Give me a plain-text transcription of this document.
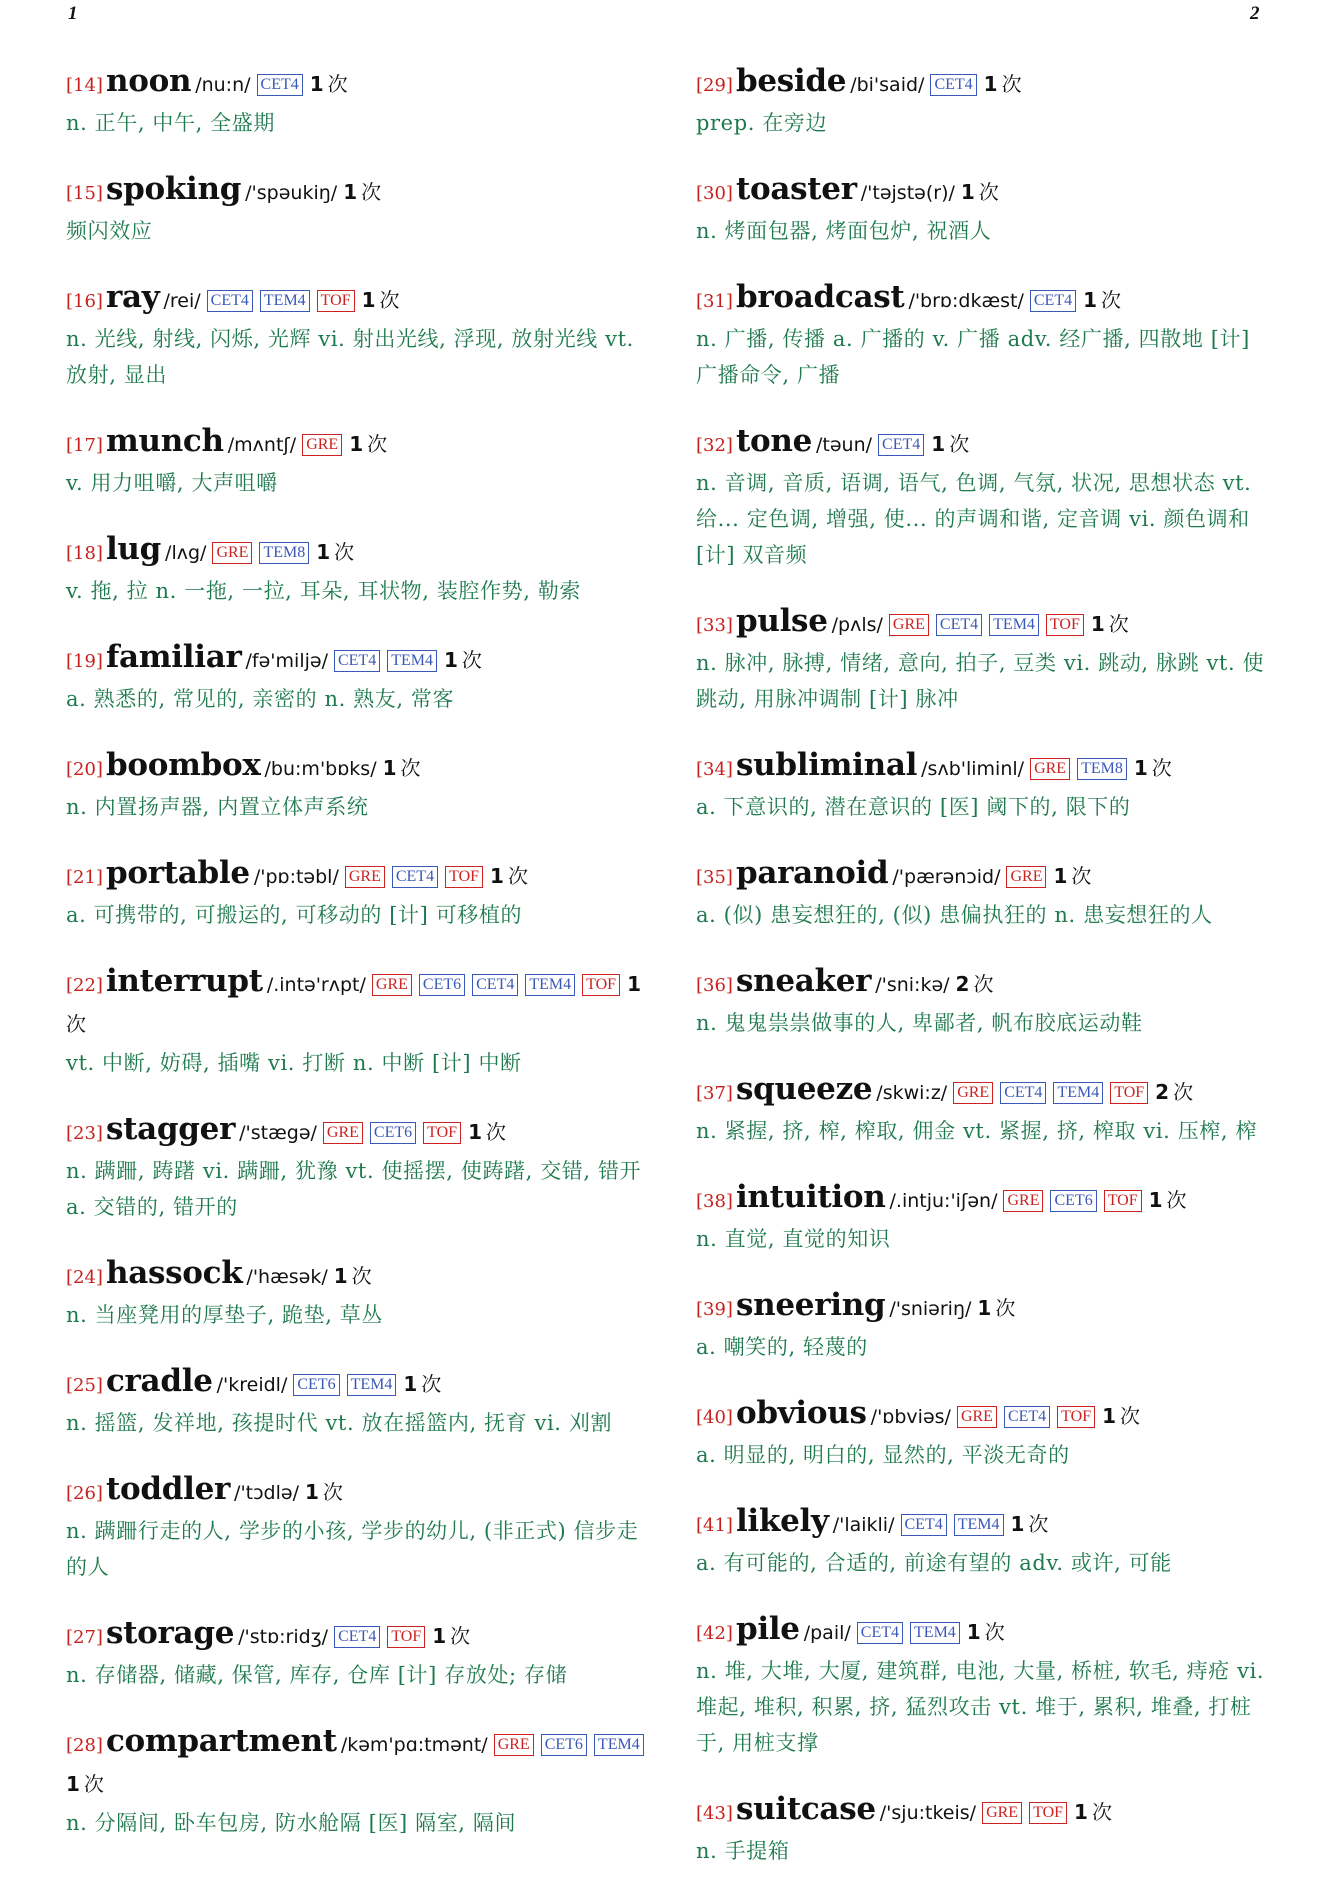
1	2
[14]noon /nu:n/ CET4 1 次
n. 正午, 中午, 全盛期
[15]spoking /'spəukiŋ/ 1 次
频闪效应
[16]ray /rei/ CET4 TEM4 TOF 1 次
n. 光线, 射线, 闪烁, 光辉 vi. 射出光线, 浮现, 放射光线 vt. 放射, 显出
[17]munch /mʌntʃ/ GRE 1 次
v. 用力咀嚼, 大声咀嚼
[18]lug /lʌg/ GRE TEM8 1 次
v. 拖, 拉 n. 一拖, 一拉, 耳朵, 耳状物, 装腔作势, 勒索
[19]familiar /fə'miljə/ CET4 TEM4 1 次
a. 熟悉的, 常见的, 亲密的 n. 熟友, 常客
[20]boombox /bu:m'bɒks/ 1 次
n. 内置扬声器, 内置立体声系统
[21]portable /'pɒ:təbl/ GRE CET4 TOF 1 次
a. 可携带的, 可搬运的, 可移动的 [计] 可移植的
[22]interrupt /.intə'rʌpt/ GRE CET6 CET4 TEM4 TOF 1次
vt. 中断, 妨碍, 插嘴 vi. 打断 n. 中断 [计] 中断
[23]stagger /'stægə/ GRE CET6 TOF 1 次
n. 蹒跚, 踌躇 vi. 蹒跚, 犹豫 vt. 使摇摆, 使踌躇, 交错, 错开 a. 交错的, 错开的
[24]hassock /'hæsək/ 1 次
n. 当座凳用的厚垫子, 跪垫, 草丛
[25]cradle /'kreidl/ CET6 TEM4 1 次
n. 摇篮, 发祥地, 孩提时代 vt. 放在摇篮内, 抚育 vi. 刈割
[26]toddler /'tɔdlə/ 1 次
n. 蹒跚行走的人, 学步的小孩, 学步的幼儿, (非正式) 信步走的人
[27]storage /'stɒ:ridʒ/ CET4 TOF 1 次
n. 存储器, 储藏, 保管, 库存, 仓库 [计] 存放处; 存储
[28]compartment /kəm'pɑ:tmənt/ GRE CET6 TEM41 次
n. 分隔间, 卧车包房, 防水舱隔 [医] 隔室, 隔间
[29]beside /bi'said/ CET4 1 次
prep. 在旁边
[30]toaster /'təjstə(r)/ 1 次
n. 烤面包器, 烤面包炉, 祝酒人
[31]broadcast /'brɒ:dkæst/ CET4 1 次
n. 广播, 传播 a. 广播的 v. 广播 adv. 经广播, 四散地 [计] 广播命令, 广播
[32]tone /təun/ CET4 1 次
n. 音调, 音质, 语调, 语气, 色调, 气氛, 状况, 思想状态 vt. 给... 定色调, 增强, 使... 的声调和谐, 定音调 vi. 颜色调和 [计] 双音频
[33]pulse /pʌls/ GRE CET4 TEM4 TOF 1 次
n. 脉冲, 脉搏, 情绪, 意向, 拍子, 豆类 vi. 跳动, 脉跳 vt. 使跳动, 用脉冲调制 [计] 脉冲
[34]subliminal /sʌb'liminl/ GRE TEM8 1 次
a. 下意识的, 潜在意识的 [医] 阈下的, 限下的
[35]paranoid /'pærənɔid/ GRE 1 次
a. (似) 患妄想狂的, (似) 患偏执狂的 n. 患妄想狂的人
[36]sneaker /'sni:kə/ 2 次
n. 鬼鬼祟祟做事的人, 卑鄙者, 帆布胶底运动鞋
[37]squeeze /skwi:z/ GRE CET4 TEM4 TOF 2 次
n. 紧握, 挤, 榨, 榨取, 佣金 vt. 紧握, 挤, 榨取 vi. 压榨, 榨
[38]intuition /.intju:'iʃən/ GRE CET6 TOF 1 次
n. 直觉, 直觉的知识
[39]sneering /'sniəriŋ/ 1 次
a. 嘲笑的, 轻蔑的
[40]obvious /'ɒbviəs/ GRE CET4 TOF 1 次
a. 明显的, 明白的, 显然的, 平淡无奇的
[41]likely /'laikli/ CET4 TEM4 1 次
a. 有可能的, 合适的, 前途有望的 adv. 或许, 可能
[42]pile /pail/ CET4 TEM4 1 次
n. 堆, 大堆, 大厦, 建筑群, 电池, 大量, 桥桩, 软毛, 痔疮 vi. 堆起, 堆积, 积累, 挤, 猛烈攻击 vt. 堆于, 累积, 堆叠, 打桩于, 用桩支撑
[43]suitcase /'sju:tkeis/ GRE TOF 1 次
n. 手提箱
